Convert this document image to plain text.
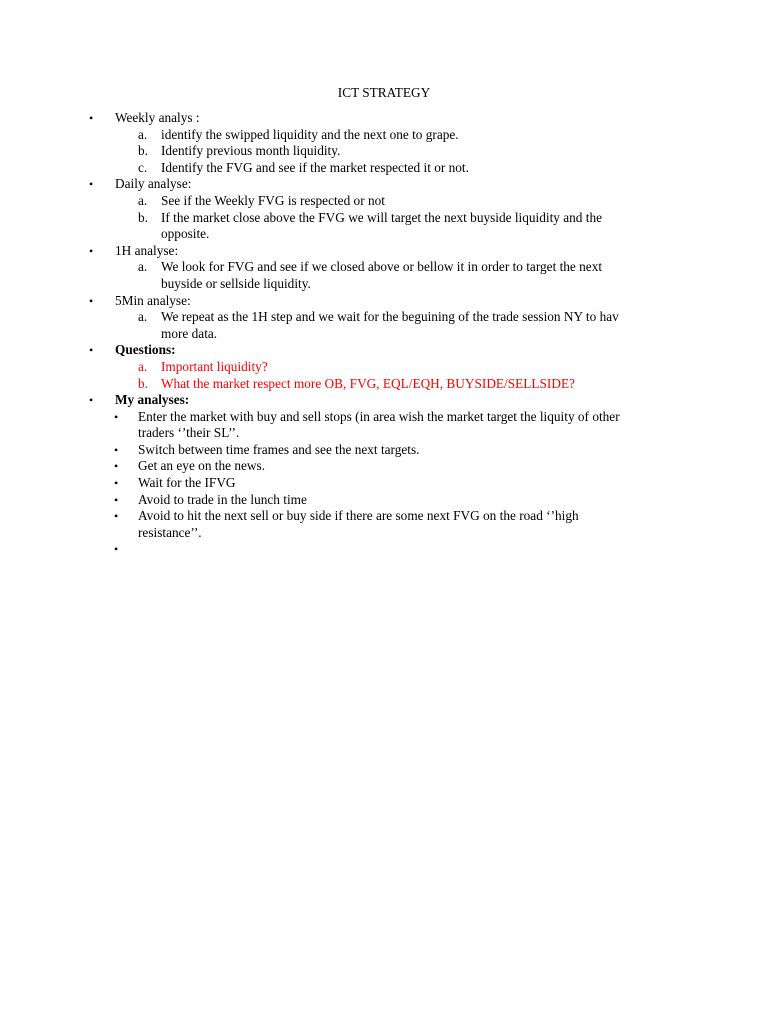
ICT STRATEGY
• Weekly analys :
a. identify the swipped liquidity and the next one to grape.
b. Identify previous month liquidity.
c. Identify the FVG and see if the market respected it or not.
• Daily analyse:
a. See if the Weekly FVG is respected or not
b. If the market close above the FVG we will target the next buyside liquidity and the
opposite.
• 1H analyse:
a. We look for FVG and see if we closed above or bellow it in order to target the next
buyside or sellside liquidity.
• 5Min analyse:
a. We repeat as the 1H step and we wait for the beguining of the trade session NY to hav
more data.
• Questions:
a. Important liquidity?
b. What the market respect more OB, FVG, EQL/EQH, BUYSIDE/SELLSIDE?
• My analyses:
• Enter the market with buy and sell stops (in area wish the market target the liquity of other
traders ‘’their SL’’.
• Switch between time frames and see the next targets.
• Get an eye on the news.
• Wait for the IFVG
• Avoid to trade in the lunch time
• Avoid to hit the next sell or buy side if there are some next FVG on the road ‘’high
resistance’’.
•
